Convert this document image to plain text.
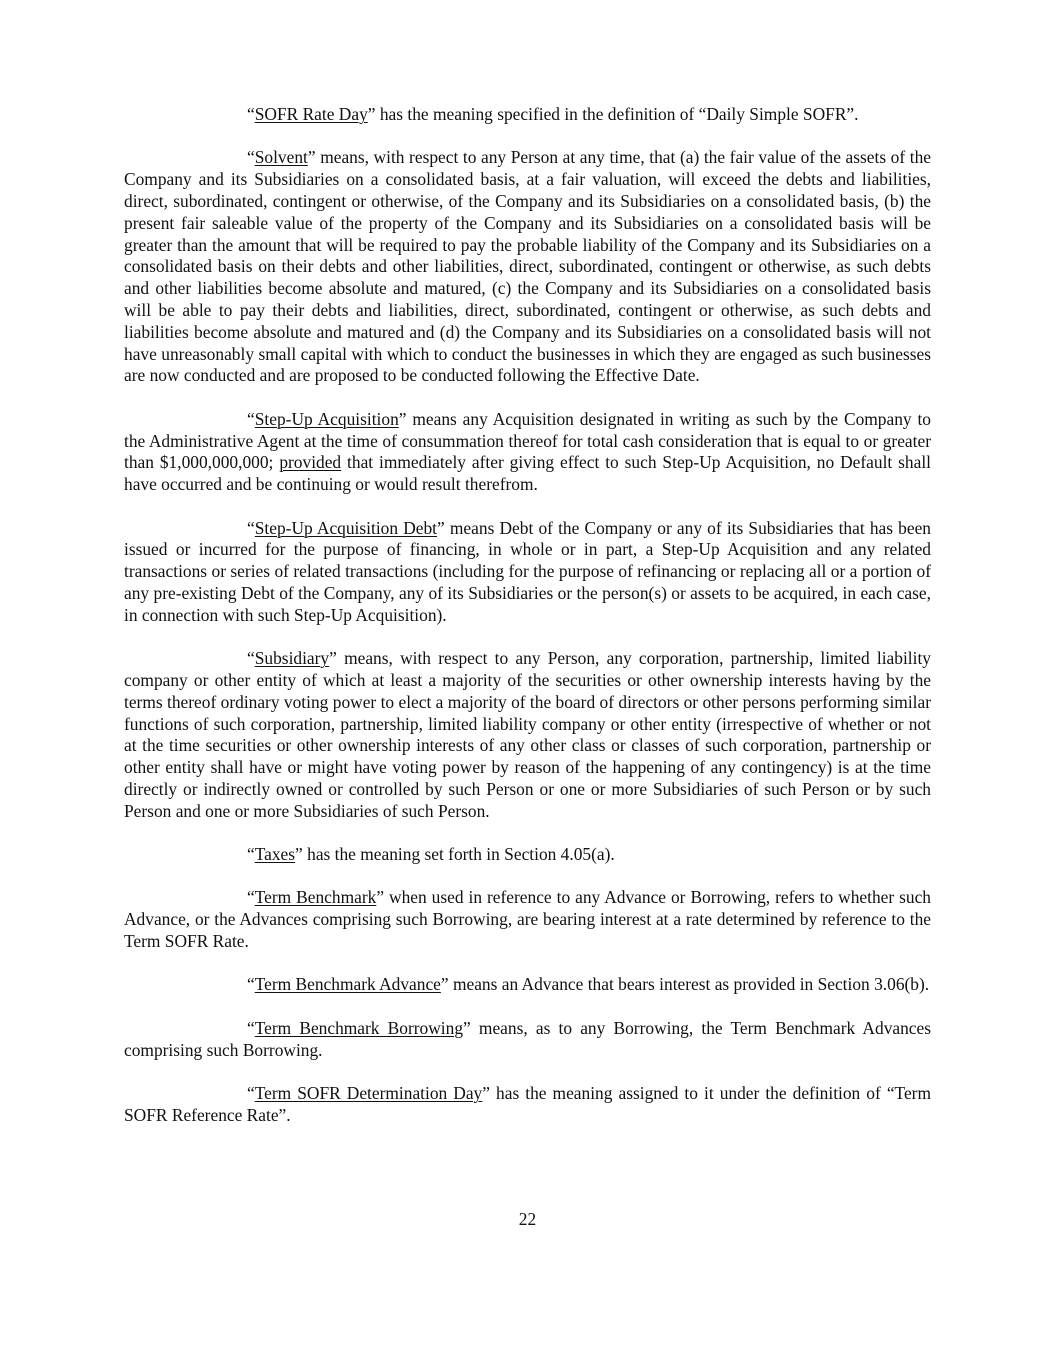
“SOFR Rate Day” has the meaning specified in the definition of “Daily Simple SOFR”.

“Solvent” means, with respect to any Person at any time, that (a) the fair value of the assets of the Company and its Subsidiaries on a consolidated basis, at a fair valuation, will exceed the debts and liabilities, direct, subordinated, contingent or otherwise, of the Company and its Subsidiaries on a consolidated basis, (b) the present fair saleable value of the property of the Company and its Subsidiaries on a consolidated basis will be greater than the amount that will be required to pay the probable liability of the Company and its Subsidiaries on a consolidated basis on their debts and other liabilities, direct, subordinated, contingent or otherwise, as such debts and other liabilities become absolute and matured, (c) the Company and its Subsidiaries on a consolidated basis will be able to pay their debts and liabilities, direct, subordinated, contingent or otherwise, as such debts and liabilities become absolute and matured and (d) the Company and its Subsidiaries on a consolidated basis will not have unreasonably small capital with which to conduct the businesses in which they are engaged as such businesses are now conducted and are proposed to be conducted following the Effective Date.

“Step-Up Acquisition” means any Acquisition designated in writing as such by the Company to the Administrative Agent at the time of consummation thereof for total cash consideration that is equal to or greater than $1,000,000,000; provided that immediately after giving effect to such Step-Up Acquisition, no Default shall have occurred and be continuing or would result therefrom.

“Step-Up Acquisition Debt” means Debt of the Company or any of its Subsidiaries that has been issued or incurred for the purpose of financing, in whole or in part, a Step-Up Acquisition and any related transactions or series of related transactions (including for the purpose of refinancing or replacing all or a portion of any pre-existing Debt of the Company, any of its Subsidiaries or the person(s) or assets to be acquired, in each case, in connection with such Step-Up Acquisition).

“Subsidiary” means, with respect to any Person, any corporation, partnership, limited liability company or other entity of which at least a majority of the securities or other ownership interests having by the terms thereof ordinary voting power to elect a majority of the board of directors or other persons performing similar functions of such corporation, partnership, limited liability company or other entity (irrespective of whether or not at the time securities or other ownership interests of any other class or classes of such corporation, partnership or other entity shall have or might have voting power by reason of the happening of any contingency) is at the time directly or indirectly owned or controlled by such Person or one or more Subsidiaries of such Person or by such Person and one or more Subsidiaries of such Person.

“Taxes” has the meaning set forth in Section 4.05(a).

“Term Benchmark” when used in reference to any Advance or Borrowing, refers to whether such Advance, or the Advances comprising such Borrowing, are bearing interest at a rate determined by reference to the Term SOFR Rate.

“Term Benchmark Advance” means an Advance that bears interest as provided in Section 3.06(b).

“Term Benchmark Borrowing” means, as to any Borrowing, the Term Benchmark Advances comprising such Borrowing.

“Term SOFR Determination Day” has the meaning assigned to it under the definition of “Term SOFR Reference Rate”.

22
